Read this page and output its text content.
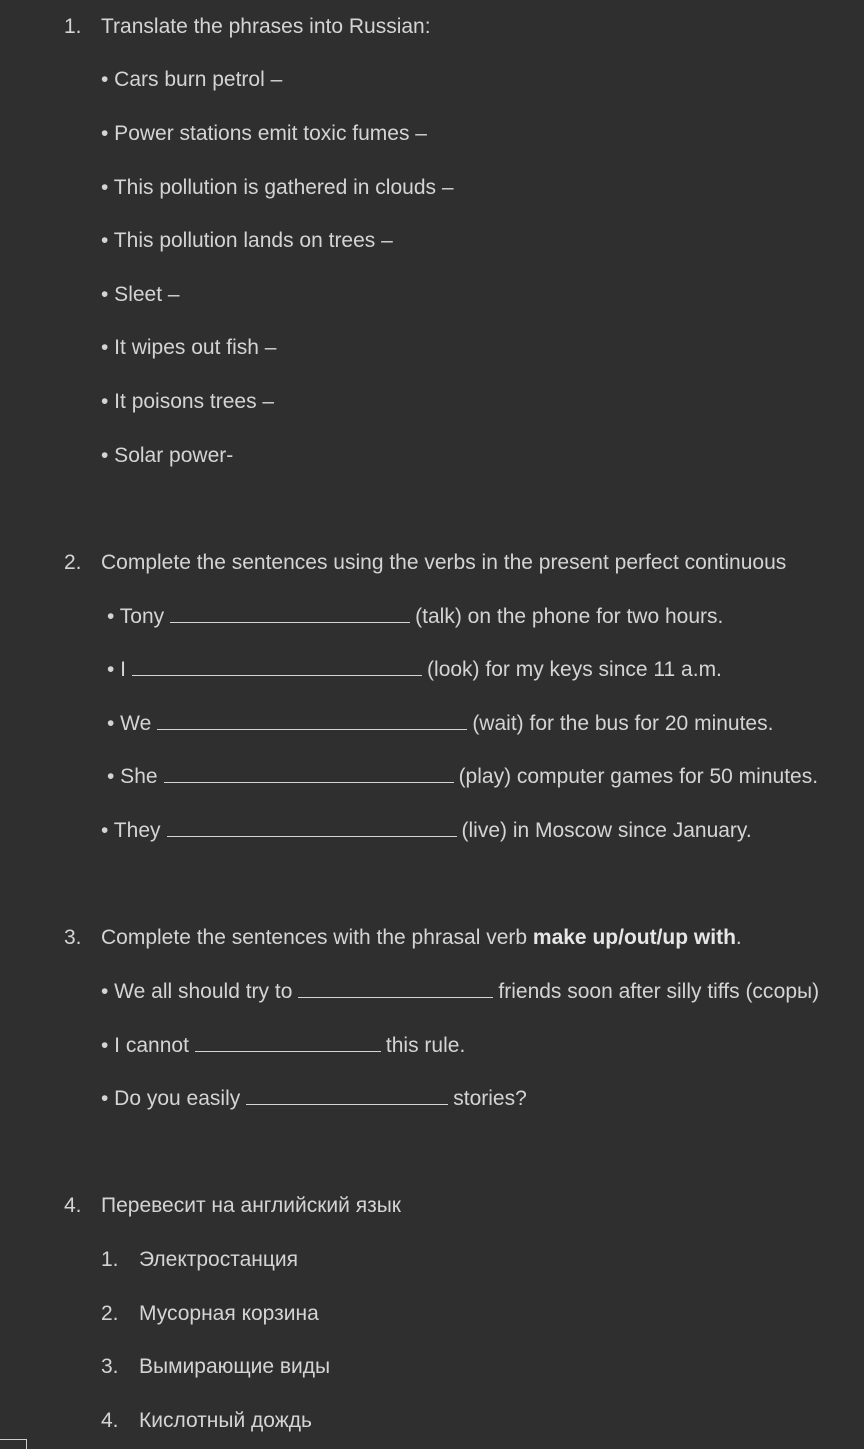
1. Translate the phrases into Russian:
• Cars burn petrol –
• Power stations emit toxic fumes –
• This pollution is gathered in clouds –
• This pollution lands on trees –
• Sleet –
• It wipes out fish –
• It poisons trees –
• Solar power-
2. Complete the sentences using the verbs in the present perfect continuous
• Tony	(talk) on the phone for two hours.
• I	(look) for my keys since 11 a.m.
• We	(wait) for the bus for 20 minutes.
• She	(play) computer games for 50 minutes.
• They	(live) in Moscow since January.
3. Complete the sentences with the phrasal verb make up/out/up with.
• We all should try to	friends soon after silly tiffs (ссоры)
• I cannot	this rule.
• Do you easily	stories?
4. Перевесит на английский язык
1. Электростанция
2. Мусорная корзина
3. Вымирающие виды
4. Кислотный дождь
